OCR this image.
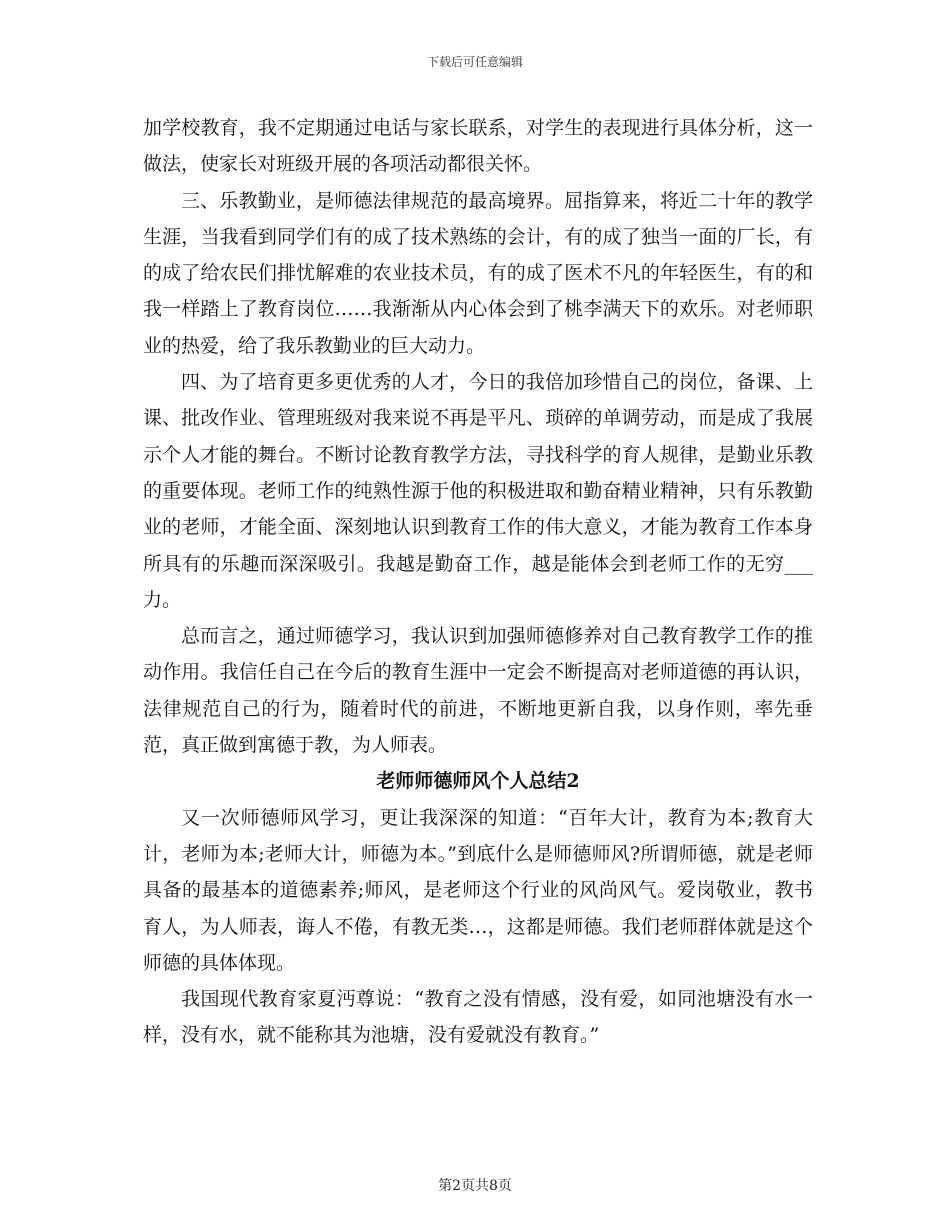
下载后可任意编辑

加学校教育，我不定期通过电话与家长联系，对学生的表现进行具体分析，这一做法，使家长对班级开展的各项活动都很关怀。

三、乐教勤业，是师德法律规范的最高境界。屈指算来，将近二十年的教学生涯，当我看到同学们有的成了技术熟练的会计，有的成了独当一面的厂长，有的成了给农民们排忧解难的农业技术员，有的成了医术不凡的年轻医生，有的和我一样踏上了教育岗位……我渐渐从内心体会到了桃李满天下的欢乐。对老师职业的热爱，给了我乐教勤业的巨大动力。

四、为了培育更多更优秀的人才，今日的我倍加珍惜自己的岗位，备课、上课、批改作业、管理班级对我来说不再是平凡、琐碎的单调劳动，而是成了我展示个人才能的舞台。不断讨论教育教学方法，寻找科学的育人规律，是勤业乐教的重要体现。老师工作的纯熟性源于他的积极进取和勤奋精业精神，只有乐教勤业的老师，才能全面、深刻地认识到教育工作的伟大意义，才能为教育工作本身所具有的乐趣而深深吸引。我越是勤奋工作，越是能体会到老师工作的无穷___力。

总而言之，通过师德学习，我认识到加强师德修养对自己教育教学工作的推动作用。我信任自己在今后的教育生涯中一定会不断提高对老师道德的再认识，法律规范自己的行为，随着时代的前进，不断地更新自我，以身作则，率先垂范，真正做到寓德于教，为人师表。

老师师德师风个人总结2

又一次师德师风学习，更让我深深的知道：“百年大计，教育为本;教育大计，老师为本;老师大计，师德为本。”到底什么是师德师风?所谓师德，就是老师具备的最基本的道德素养;师风，是老师这个行业的风尚风气。爱岗敬业，教书育人，为人师表，诲人不倦，有教无类…，这都是师德。我们老师群体就是这个师德的具体体现。

我国现代教育家夏沔尊说：“教育之没有情感，没有爱，如同池塘没有水一样，没有水，就不能称其为池塘，没有爱就没有教育。”

第2页共8页
